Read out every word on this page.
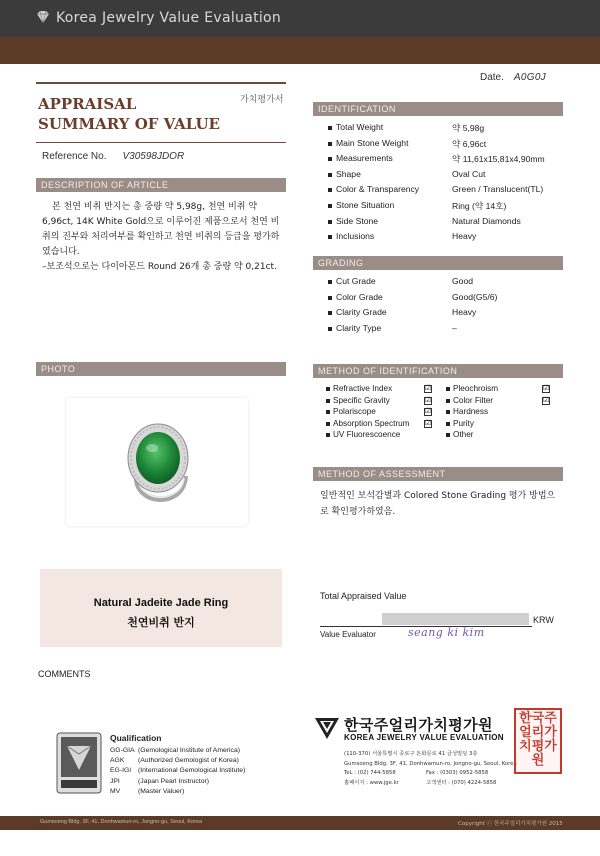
Korea Jewelry Value Evaluation
Date. A0G0J
APPRAISAL
SUMMARY OF VALUE
가치평가서
Reference No. V30598JDOR
DESCRIPTION OF ARTICLE

본 천연 비취 반지는 총 중량 약 5,98g, 천연 비취 약 6,96ct, 14K White Gold으로 이루어진 제품으로서 천연 비취의 진부와 처리여부를 확인하고 천연 비취의 등급을 평가하였습니다.

–보조석으로는 다이아몬드 Round 26개 총 중량 약 0,21ct.

IDENTIFICATION
Total Weight	약 5,98g
Main Stone Weight	약 6,96ct
Measurements	약 11,61x15,81x4,90mm
Shape	Oval Cut
Color & Transparency	Green / Translucent(TL)
Stone Situation	Ring (약 14호)
Side Stone	Natural Diamonds
Inclusions	Heavy
GRADING
Cut Grade	Good
Color Grade	Good(G5/6)
Clarity Grade	Heavy
Clarity Type	–
METHOD OF IDENTIFICATION
Refractive Index	☑
Specific Gravity	☑
Polariscope	☑
Absorption Spectrum ☑
UV Fluorescoence
Pleochroism	☑
Color Filter	☑
Hardness
Purity
Other
METHOD OF ASSESSMENT
일반적인 보석감별과 Colored Stone Grading 평가 방법으로 확인평가하였음.
PHOTO
Natural Jadeite Jade Ring
천연비취 반지
Total Appraised Value
KRW
Value Evaluator	seang ki kim
COMMENTS
Qualification
GG-GIA (Gemological Institute of America)
AGK (Authorized Gemologist of Korea)
EG-IGI (International Gemological Institute)
JPI	(Japan Pearl Instructor)
MV	(Master Valuer)
한국주얼리가치평가원
KOREA JEWELRY VALUE EVALUATION
(110-370) 서울특별시 종로구 돈화문로 41 금성빌딩 3층
Gumsoeng Bldg. 3F, 41, Donhwamun-ro, Jongno-gu, Seoul, Korea
TeL : (02) 744-5858	Fax : (0303) 0952-5858
홈페이지 : www.jge.kr	고객센터 : (070) 4224-5858
한국주얼리가치평가원
Gumsoeng Bldg. 3F, 41, Donhwamun-ro, Jongno-gu, Seoul, Korea	Copyright ⓒ 한국주얼리가치평가원 2015
